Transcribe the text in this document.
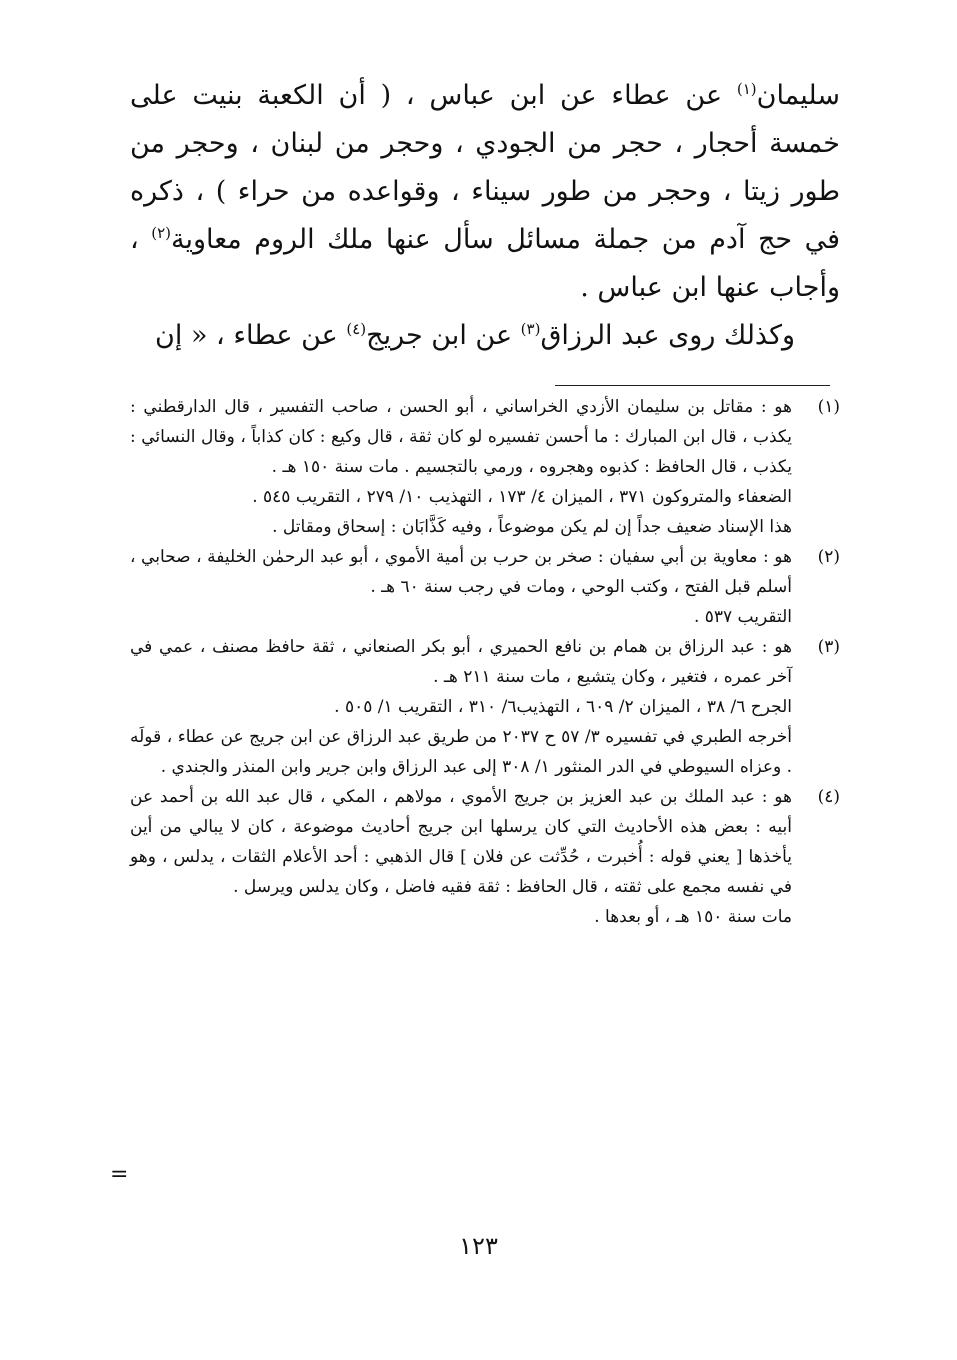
سليمان$^{(١)}$ عن عطاء عن ابن عباس ، ( أن الكعبة بنيت على خمسة أحجار ، حجر من الجودي ، وحجر من لبنان ، وحجر من طور زيتا ، وحجر من طور سيناء ، وقواعده من حراء ) ، ذكره في حج آدم من جملة مسائل سأل عنها ملك الروم معاوية$^{(٢)}$ ، وأجاب عنها ابن عباس .

وكذلك روى عبد الرزاق$^{(٣)}$ عن ابن جريج$^{(٤)}$ عن عطاء ، « إن

(١)

هو : مقاتل بن سليمان الأزدي الخراساني ، أبو الحسن ، صاحب التفسير ، قال الدارقطني : يكذب ، قال ابن المبارك : ما أحسن تفسيره لو كان ثقة ، قال وكيع : كان كذاباً ، وقال النسائي : يكذب ، قال الحافظ : كذبوه وهجروه ، ورمي بالتجسيم . مات سنة ١٥٠ هـ .

الضعفاء والمتروكون ٣٧١ ، الميزان ٤/ ١٧٣ ، التهذيب ١٠/ ٢٧٩ ، التقريب ٥٤٥ .

هذا الإسناد ضعيف جداً إن لم يكن موضوعاً ، وفيه كَذَّابَان : إسحاق ومقاتل .

(٢)

هو : معاوية بن أبي سفيان : صخر بن حرب بن أمية الأموي ، أبو عبد الرحمٰن الخليفة ، صحابي ، أسلم قبل الفتح ، وكتب الوحي ، ومات في رجب سنة ٦٠ هـ .

التقريب ٥٣٧ .

(٣)

هو : عبد الرزاق بن همام بن نافع الحميري ، أبو بكر الصنعاني ، ثقة حافظ مصنف ، عمي في آخر عمره ، فتغير ، وكان يتشيع ، مات سنة ٢١١ هـ .

الجرح ٦/ ٣٨ ، الميزان ٢/ ٦٠٩ ، التهذيب٦/ ٣١٠ ، التقريب ١/ ٥٠٥ .

أخرجه الطبري في تفسيره ٣/ ٥٧ ح ٢٠٣٧ من طريق عبد الرزاق عن ابن جريج عن عطاء ، قولَه . وعزاه السيوطي في الدر المنثور ١/ ٣٠٨ إلى عبد الرزاق وابن جرير وابن المنذر والجندي .

(٤)

هو : عبد الملك بن عبد العزيز بن جريج الأموي ، مولاهم ، المكي ، قال عبد الله بن أحمد عن أبيه : بعض هذه الأحاديث التي كان يرسلها ابن جريج أحاديث موضوعة ، كان لا يبالي من أين يأخذها [ يعني قوله : أُخبرت ، حُدِّثت عن فلان ] قال الذهبي : أحد الأعلام الثقات ، يدلس ، وهو في نفسه مجمع على ثقته ، قال الحافظ : ثقة فقيه فاضل ، وكان يدلس ويرسل .

مات سنة ١٥٠ هـ ، أو بعدها .

=
١٢٣
